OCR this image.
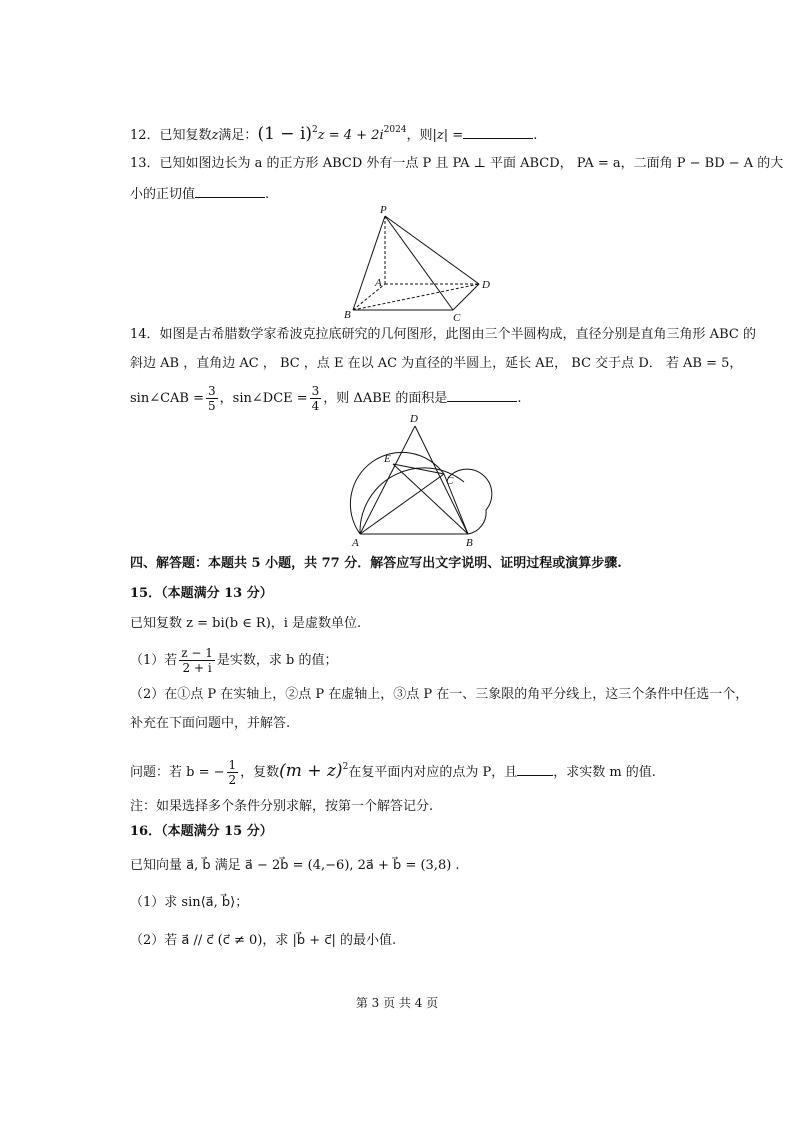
12．已知复数z满足：$(1 - i)^2z = 4 + 2i^{2024}$，则|z| =	.
13．已知如图边长为 a 的正方形 ABCD 外有一点 P 且 PA ⊥ 平面 ABCD， PA = a，二面角 P − BD − A 的大
小的正切值	.
P
A
B	C
D
14．如图是古希腊数学家希波克拉底研究的几何图形，此图由三个半圆构成，直径分别是直角三角形 ABC 的
斜边 AB ，直角边 AC ， BC ，点 E 在以 AC 为直径的半圆上，延长 AE， BC 交于点 D． 若 AB = 5，
sin∠CAB = $\frac{3}{5}$ ，sin∠DCE = $\frac{3}{4}$ ，则 ΔABE 的面积是	.
D
E
C
A	B
四、解答题：本题共 5 小题，共 77 分．解答应写出文字说明、证明过程或演算步骤.
15．（本题满分 13 分）
已知复数 z = bi(b ∈ R)，i 是虚数单位.
（1）若 $\frac{z - 1}{2 + i}$ 是实数，求 b 的值；
（2）在①点 P 在实轴上，②点 P 在虚轴上，③点 P 在一、三象限的角平分线上，这三个条件中任选一个，
补充在下面问题中，并解答.
问题：若 b = − $\frac{1}{2}$ ，复数$(m + z)^2$在复平面内对应的点为 P，且	，求实数 m 的值.
注：如果选择多个条件分别求解，按第一个解答记分.
16．（本题满分 15 分）
已知向量 a⃗, b⃗ 满足 a⃗ − 2b⃗ = (4,−6), 2a⃗ + b⃗ = (3,8) .
（1）求 sin⟨a⃗, b⃗⟩；
（2）若 a⃗ // c⃗ (c⃗ ≠ 0)，求 |b⃗ + c⃗| 的最小值.
第 3 页 共 4 页
